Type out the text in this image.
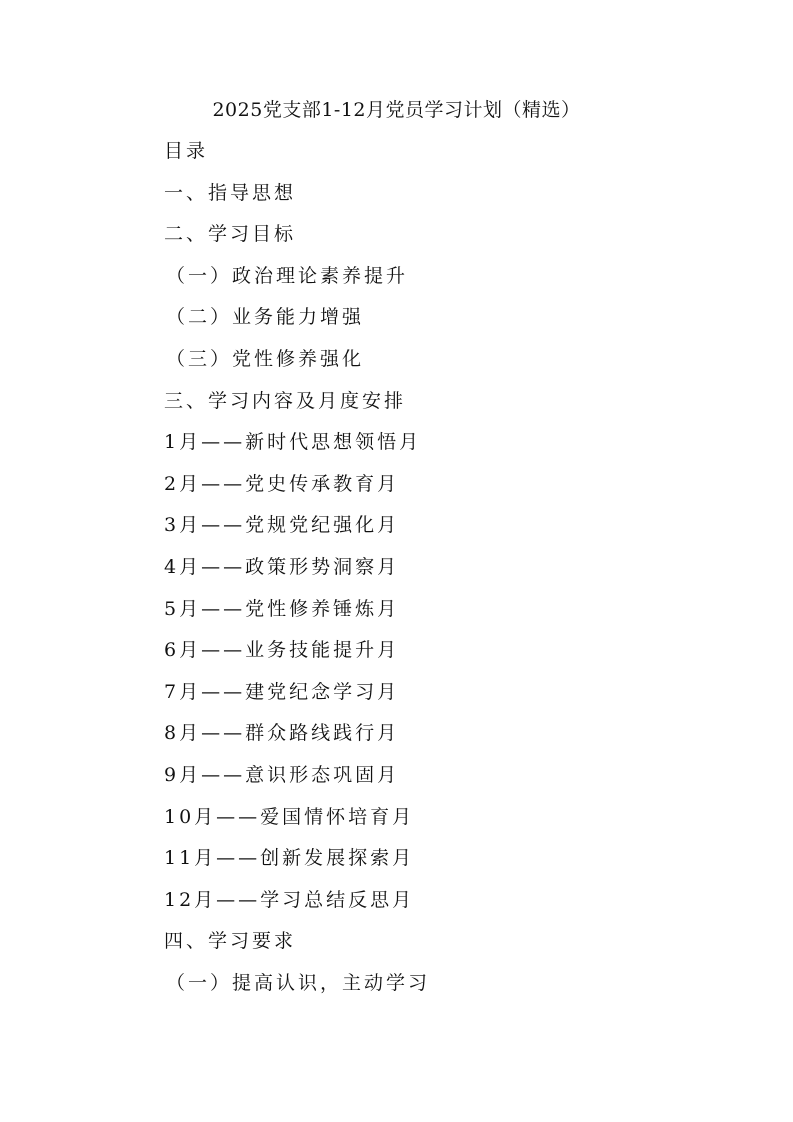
2025党支部1-12月党员学习计划（精选）
目录
一、指导思想
二、学习目标
（一）政治理论素养提升
（二）业务能力增强
（三）党性修养强化
三、学习内容及月度安排
1月——新时代思想领悟月
2月——党史传承教育月
3月——党规党纪强化月
4月——政策形势洞察月
5月——党性修养锤炼月
6月——业务技能提升月
7月——建党纪念学习月
8月——群众路线践行月
9月——意识形态巩固月
10月——爱国情怀培育月
11月——创新发展探索月
12月——学习总结反思月
四、学习要求
（一）提高认识，主动学习
